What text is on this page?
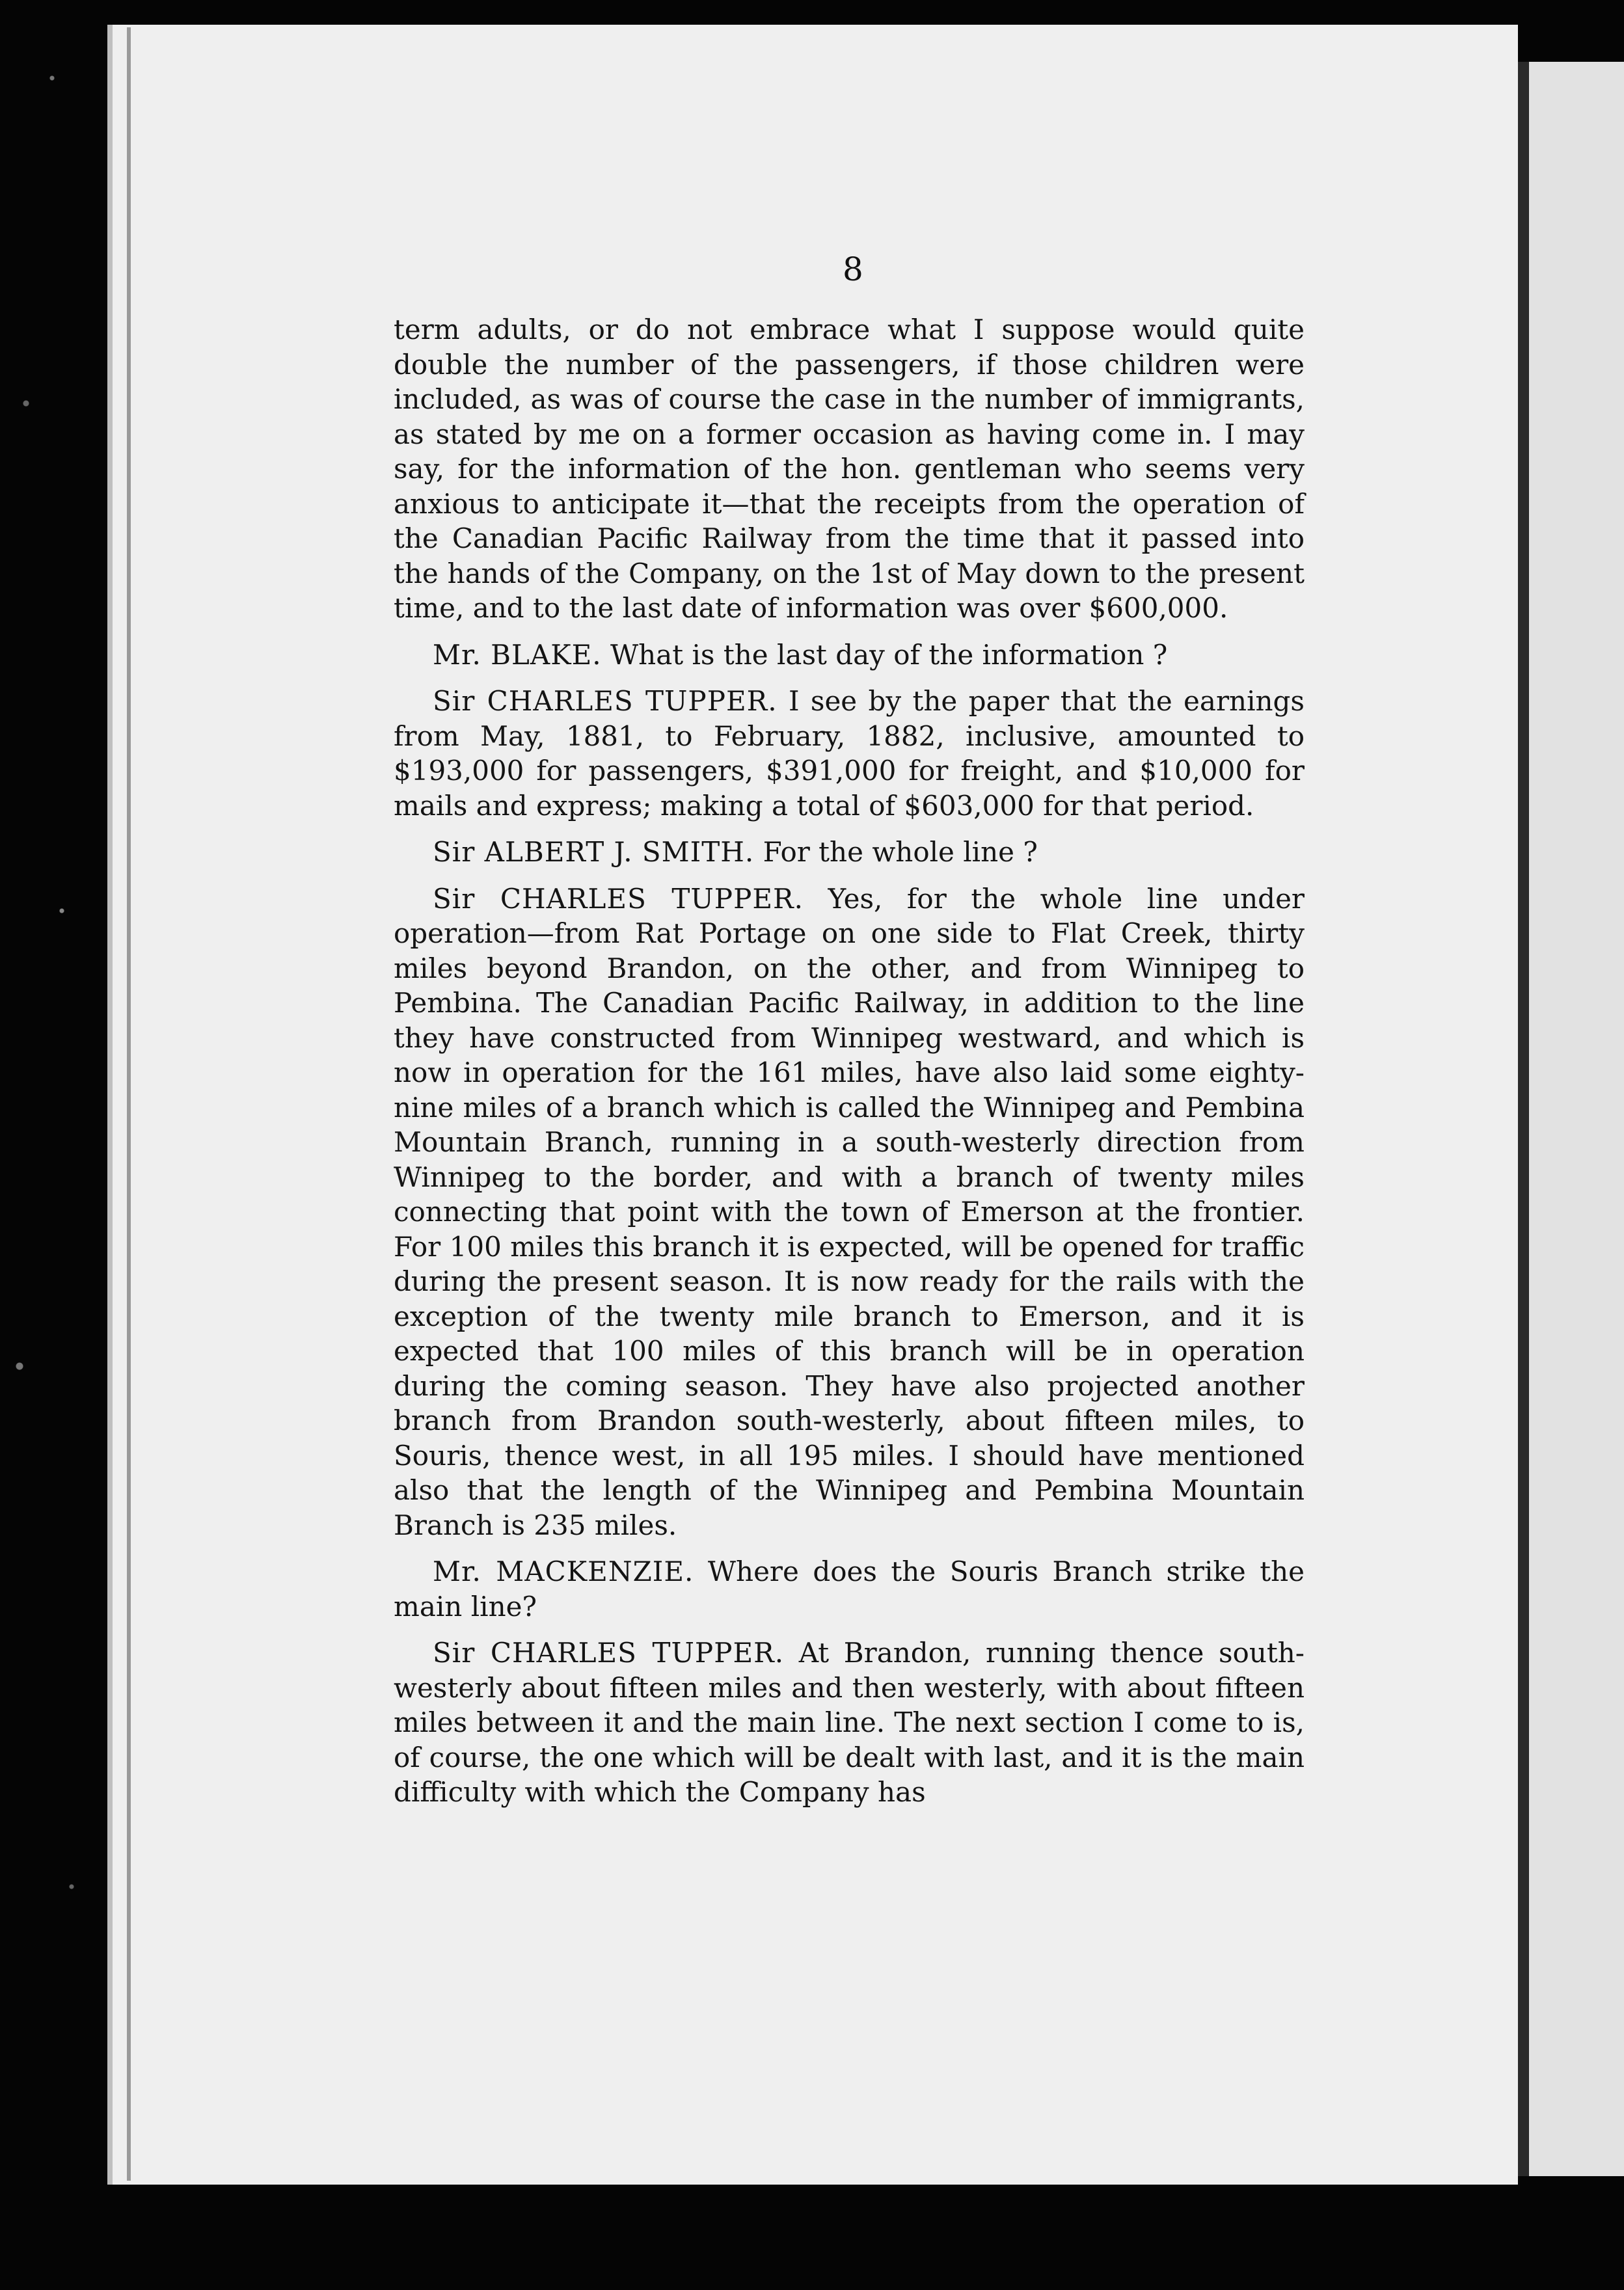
8

term adults, or do not embrace what I suppose would quite double the number of the passengers, if those children were included, as was of course the case in the number of immigrants, as stated by me on a former occasion as having come in. I may say, for the information of the hon. gentleman who seems very anxious to anticipate it—that the receipts from the operation of the Canadian Pacific Railway from the time that it passed into the hands of the Company, on the 1st of May down to the present time, and to the last date of information was over $600,000.

Mr. BLAKE. What is the last day of the information ?

Sir CHARLES TUPPER. I see by the paper that the earnings from May, 1881, to February, 1882, inclusive, amounted to $193,000 for passengers, $391,000 for freight, and $10,000 for mails and express; making a total of $603,000 for that period.

Sir ALBERT J. SMITH. For the whole line ?

Sir CHARLES TUPPER. Yes, for the whole line under operation—from Rat Portage on one side to Flat Creek, thirty miles beyond Brandon, on the other, and from Winnipeg to Pembina. The Canadian Pacific Railway, in addition to the line they have constructed from Winnipeg westward, and which is now in operation for the 161 miles, have also laid some eighty-nine miles of a branch which is called the Winnipeg and Pembina Mountain Branch, running in a south-westerly direction from Winnipeg to the border, and with a branch of twenty miles connecting that point with the town of Emerson at the frontier. For 100 miles this branch it is expected, will be opened for traffic during the present season. It is now ready for the rails with the exception of the twenty mile branch to Emerson, and it is expected that 100 miles of this branch will be in operation during the coming season. They have also projected another branch from Brandon south-westerly, about fifteen miles, to Souris, thence west, in all 195 miles. I should have mentioned also that the length of the Winnipeg and Pembina Mountain Branch is 235 miles.

Mr. MACKENZIE. Where does the Souris Branch strike the main line?

Sir CHARLES TUPPER. At Brandon, running thence south-westerly about fifteen miles and then westerly, with about fifteen miles between it and the main line. The next section I come to is, of course, the one which will be dealt with last, and it is the main difficulty with which the Company has
